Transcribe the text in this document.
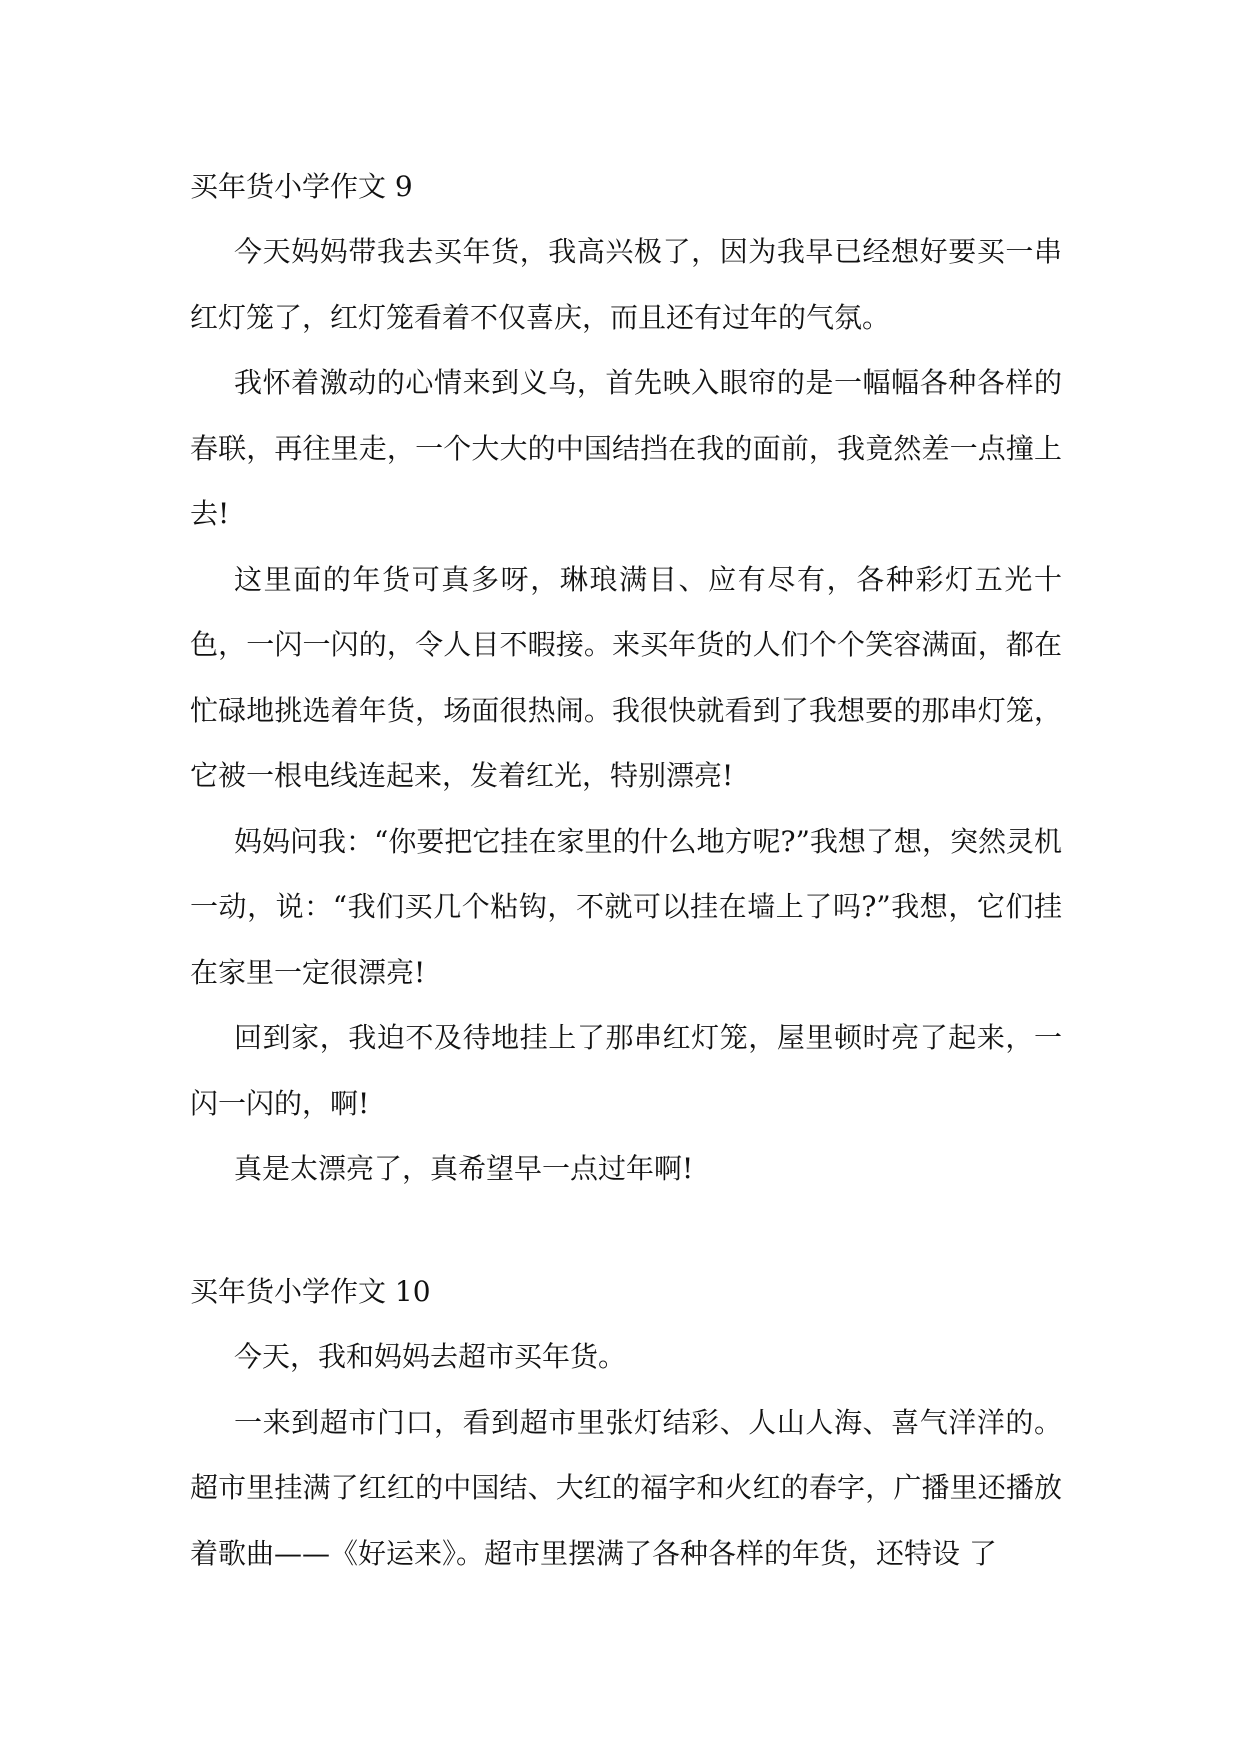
买年货小学作文 9

今天妈妈带我去买年货，我高兴极了，因为我早已经想好要买一串红灯笼了，红灯笼看着不仅喜庆，而且还有过年的气氛。

我怀着激动的心情来到义乌，首先映入眼帘的是一幅幅各种各样的春联，再往里走，一个大大的中国结挡在我的面前，我竟然差一点撞上去!

这里面的年货可真多呀，琳琅满目、应有尽有，各种彩灯五光十色，一闪一闪的，令人目不暇接。来买年货的人们个个笑容满面，都在忙碌地挑选着年货，场面很热闹。我很快就看到了我想要的那串灯笼，它被一根电线连起来，发着红光，特别漂亮!

妈妈问我：“你要把它挂在家里的什么地方呢?”我想了想，突然灵机一动，说：“我们买几个粘钩，不就可以挂在墙上了吗?”我想，它们挂在家里一定很漂亮!

回到家，我迫不及待地挂上了那串红灯笼，屋里顿时亮了起来，一闪一闪的，啊!

真是太漂亮了，真希望早一点过年啊!

买年货小学作文 10

今天，我和妈妈去超市买年货。

一来到超市门口，看到超市里张灯结彩、人山人海、喜气洋洋的。超市里挂满了红红的中国结、大红的福字和火红的春字，广播里还播放着歌曲——《好运来》。超市里摆满了各种各样的年货，还特设 了
